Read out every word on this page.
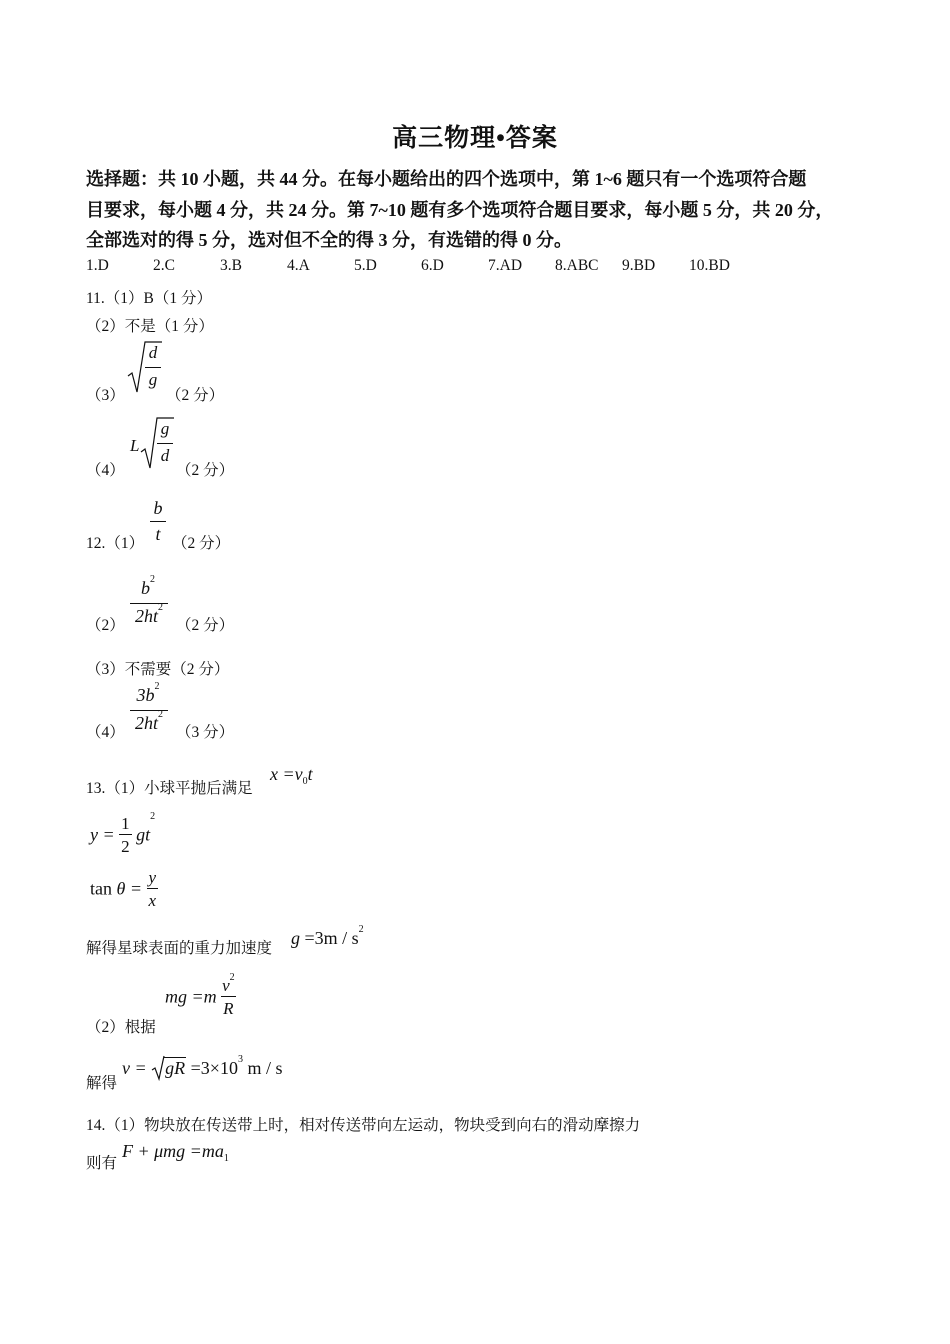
高三物理•答案
选择题：共 10 小题，共 44 分。在每小题给出的四个选项中，第 1~6 题只有一个选项符合题
目要求，每小题 4 分，共 24 分。第 7~10 题有多个选项符合题目要求，每小题 5 分，共 20 分，
全部选对的得 5 分，选对但不全的得 3 分，有选错的得 0 分。
1.D	2.C	3.B	4.A	5.D	6.D	7.AD 8.ABC 9.BD 10.BD
11.（1）B（1 分）
（2）不是（1 分）
（3）
d
g
（2 分）
（4）
L
g
d
（2 分）
12.（1）
b
t （2 分）
（2）
$b^2$
$2ht^2$
（2 分）
（3）不需要（2 分）
（4）
$3b^2$
$2ht^2$
（3 分）
13.（1）小球平抛后满足
$x =v_0t$
$y = \frac{1}{2} gt^2$
$\tan \theta = \frac{y}{x}$
解得星球表面的重力加速度
$g =3m / s^2$
（2）根据
mg $=m \frac{v^2}{R}$
解得
v = gR $=3\times 10^3$ m / s
14.（1）物块放在传送带上时，相对传送带向左运动，物块受到向右的滑动摩擦力
则有
$F + \mu mg =ma_1$
